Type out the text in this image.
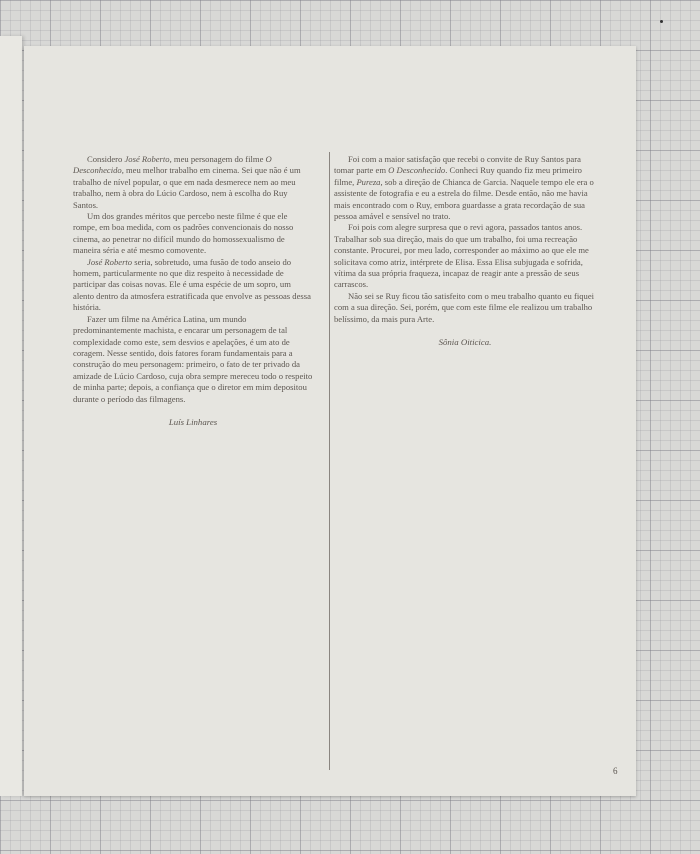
Considero José Roberto, meu personagem do filme O Desconhecido, meu melhor trabalho em cinema. Sei que não é um trabalho de nível popular, o que em nada desmerece nem ao meu trabalho, nem à obra do Lúcio Cardoso, nem à escolha do Ruy Santos.

Um dos grandes méritos que percebo neste filme é que ele rompe, em boa medida, com os padrões convencionais do nosso cinema, ao penetrar no difícil mundo do homossexualismo de maneira séria e até mesmo comovente.

José Roberto seria, sobretudo, uma fusão de todo anseio do homem, particularmente no que diz respeito à necessidade de participar das coisas novas. Ele é uma espécie de um sopro, um alento dentro da atmosfera estratificada que envolve as pessoas dessa história.

Fazer um filme na América Latina, um mundo predominantemente machista, e encarar um personagem de tal complexidade como este, sem desvios e apelações, é um ato de coragem. Nesse sentido, dois fatores foram fundamentais para a construção do meu personagem: primeiro, o fato de ter privado da amizade de Lúcio Cardoso, cuja obra sempre mereceu todo o respeito de minha parte; depois, a confiança que o diretor em mim depositou durante o período das filmagens.

Luís Linhares

Foi com a maior satisfação que recebi o convite de Ruy Santos para tomar parte em O Desconhecido. Conheci Ruy quando fiz meu primeiro filme, Pureza, sob a direção de Chianca de Garcia. Naquele tempo ele era o assistente de fotografia e eu a estrela do filme. Desde então, não me havia mais encontrado com o Ruy, embora guardasse a grata recordação de sua pessoa amável e sensível no trato.

Foi pois com alegre surpresa que o revi agora, passados tantos anos. Trabalhar sob sua direção, mais do que um trabalho, foi uma recreação constante. Procurei, por meu lado, corresponder ao máximo ao que ele me solicitava como atriz, intérprete de Elisa. Essa Elisa subjugada e sofrida, vítima da sua própria fraqueza, incapaz de reagir ante a pressão de seus carrascos.

Não sei se Ruy ficou tão satisfeito com o meu trabalho quanto eu fiquei com a sua direção. Sei, porém, que com este filme ele realizou um trabalho belíssimo, da mais pura Arte.

Sônia Oiticica.
6
